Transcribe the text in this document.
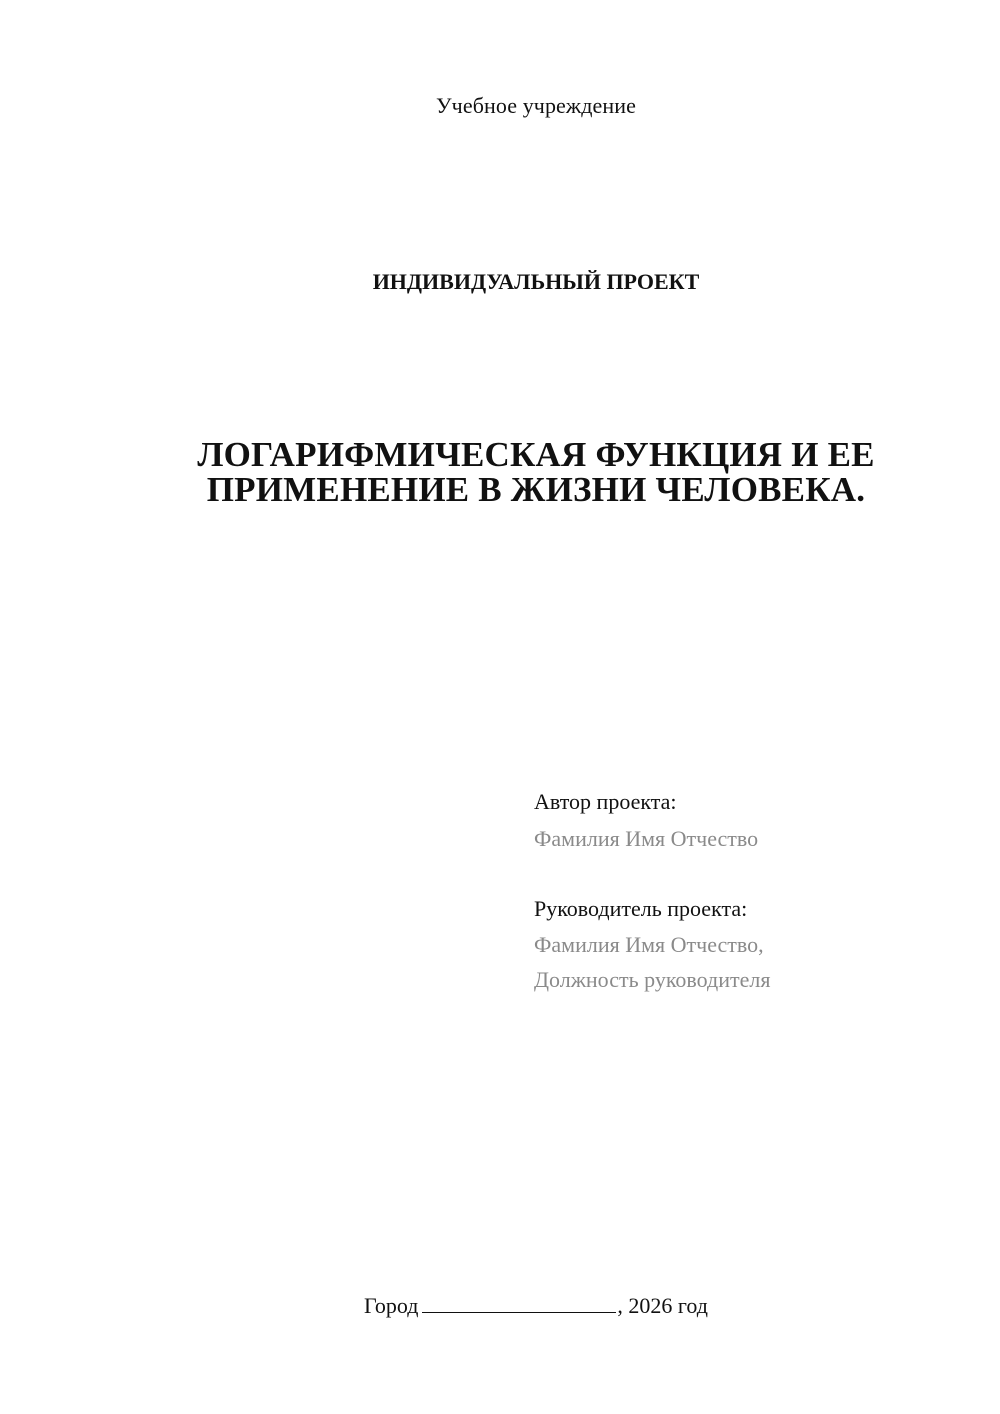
Учебное учреждение
ИНДИВИДУАЛЬНЫЙ ПРОЕКТ
ЛОГАРИФМИЧЕСКАЯ ФУНКЦИЯ И ЕЕ
ПРИМЕНЕНИЕ В ЖИЗНИ ЧЕЛОВЕКА.
Автор проекта:
Фамилия Имя Отчество
Руководитель проекта:
Фамилия Имя Отчество,
Должность руководителя
Город	, 2026 год
